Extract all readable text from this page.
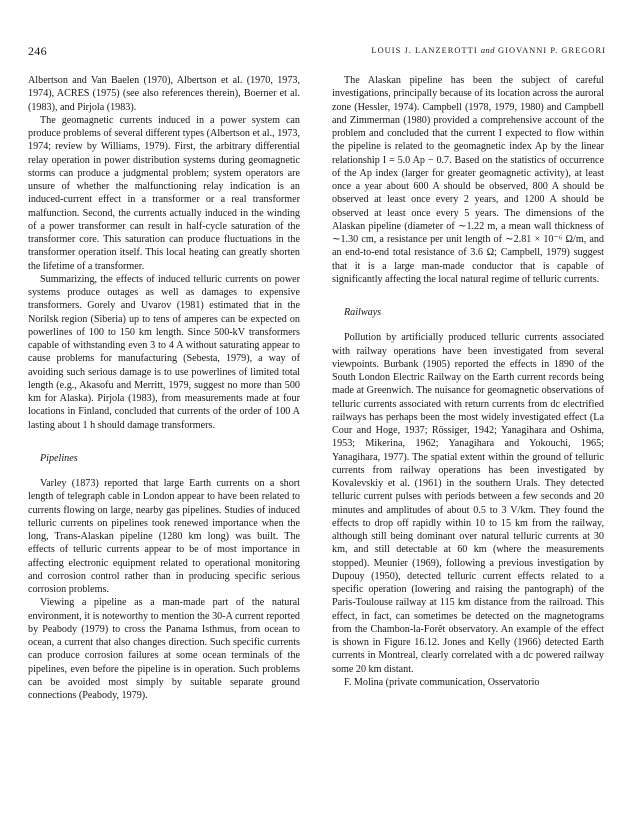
246	LOUIS J. LANZEROTTI and GIOVANNI P. GREGORI

Albertson and Van Baelen (1970), Albertson et al. (1970, 1973, 1974), ACRES (1975) (see also references therein), Boerner et al. (1983), and Pirjola (1983).

The geomagnetic currents induced in a power system can produce problems of several different types (Albertson et al., 1973, 1974; review by Williams, 1979). First, the arbitrary differential relay operation in power distribution systems during geomagnetic storms can produce a judgmental problem; system operators are unsure of whether the malfunctioning relay indication is an induced-current effect in a transformer or a real transformer malfunction. Second, the currents actually induced in the winding of a power transformer can result in half-cycle saturation of the transformer core. This saturation can produce fluctuations in the transformer operation itself. This local heating can greatly shorten the lifetime of a transformer.

Summarizing, the effects of induced telluric currents on power systems produce outages as well as damages to expensive transformers. Gorely and Uvarov (1981) estimated that in the Norilsk region (Siberia) up to tens of amperes can be expected on powerlines of 100 to 150 km length. Since 500-kV transformers capable of withstanding even 3 to 4 A without saturating appear to cause problems for manufacturing (Sebesta, 1979), a way of avoiding such serious damage is to use powerlines of limited total length (e.g., Akasofu and Merritt, 1979, suggest no more than 500 km for Alaska). Pirjola (1983), from measurements made at four locations in Finland, concluded that currents of the order of 100 A lasting about 1 h should damage transformers.

Pipelines

Varley (1873) reported that large Earth currents on a short length of telegraph cable in London appear to have been related to currents flowing on large, nearby gas pipelines. Studies of induced telluric currents on pipelines took renewed importance when the long, Trans-Alaskan pipeline (1280 km long) was built. The effects of telluric currents appear to be of most importance in affecting electronic equipment related to operational monitoring and corrosion control rather than in producing specific serious corrosion problems.

Viewing a pipeline as a man-made part of the natural environment, it is noteworthy to mention the 30-A current reported by Peabody (1979) to cross the Panama Isthmus, from ocean to ocean, a current that also changes direction. Such specific currents can produce corrosion failures at some ocean terminals of the pipelines, even before the pipeline is in operation. Such problems can be avoided most simply by suitable separate ground connections (Peabody, 1979).

The Alaskan pipeline has been the subject of careful investigations, principally because of its location across the auroral zone (Hessler, 1974). Campbell (1978, 1979, 1980) and Campbell and Zimmerman (1980) provided a comprehensive account of the problem and concluded that the current I expected to flow within the pipeline is related to the geomagnetic index Ap by the linear relationship I = 5.0 Ap − 0.7. Based on the statistics of occurrence of the Ap index (larger for greater geomagnetic activity), at least once a year about 600 A should be observed, 800 A should be observed at least once every 2 years, and 1200 A should be observed at least once every 5 years. The dimensions of the Alaskan pipeline (diameter of ∼1.22 m, a mean wall thickness of ∼1.30 cm, a resistance per unit length of ∼2.81 × 10⁻⁶ Ω/m, and an end-to-end total resistance of 3.6 Ω; Campbell, 1979) suggest that it is a large man-made conductor that is capable of significantly affecting the local natural regime of telluric currents.

Railways

Pollution by artificially produced telluric currents associated with railway operations have been investigated from several viewpoints. Burbank (1905) reported the effects in 1890 of the South London Electric Railway on the Earth current records being made at Greenwich. The nuisance for geomagnetic observations of telluric currents associated with return currents from dc electrified railways has perhaps been the most widely investigated effect (La Cour and Hoge, 1937; Rössiger, 1942; Yanagihara and Oshima, 1953; Mikerina, 1962; Yanagihara and Yokouchi, 1965; Yanagihara, 1977). The spatial extent within the ground of telluric currents from railway operations has been investigated by Kovalevskiy et al. (1961) in the southern Urals. They detected telluric current pulses with periods between a few seconds and 20 minutes and amplitudes of about 0.5 to 3 V/km. They found the effects to drop off rapidly within 10 to 15 km from the railway, although still being dominant over natural telluric currents at 30 km, and still detectable at 60 km (where the measurements stopped). Meunier (1969), following a previous investigation by Dupouy (1950), detected telluric current effects related to a specific operation (lowering and raising the pantograph) of the Paris-Toulouse railway at 115 km distance from the railroad. This effect, in fact, can sometimes be detected on the magnetograms from the Chambon-la-Forêt observatory. An example of the effect is shown in Figure 16.12. Jones and Kelly (1966) detected Earth currents in Montreal, clearly correlated with a dc powered railway some 20 km distant.

F. Molina (private communication, Osservatorio
